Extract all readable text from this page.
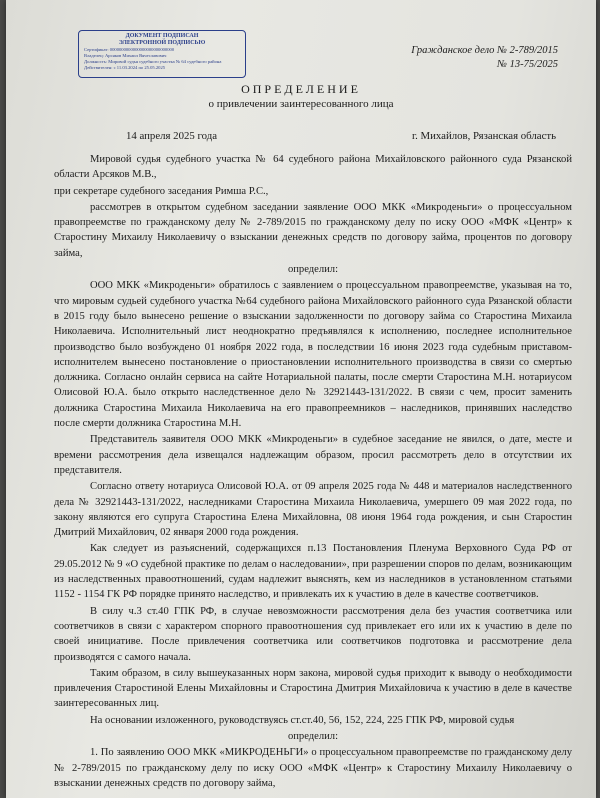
ДОКУМЕНТ ПОДПИСАН
ЭЛЕКТРОННОЙ ПОДПИСЬЮ
Сертификат: 0000000000000000000000000000
Владелец: Арсяков Михаил Вячеславович
Должность: Мировой судья судебного участка № 64 судебного района
Действителен: с 11.03.2024 по 25.05.2025
Гражданское дело № 2-789/2015
№ 13-75/2025
ОПРЕДЕЛЕНИЕ
о привлечении заинтересованного лица
14 апреля 2025 года	г. Михайлов, Рязанская область

Мировой судья судебного участка № 64 судебного района Михайловского районного суда Рязанской области Арсяков М.В.,

при секретаре судебного заседания Римша Р.С.,

рассмотрев в открытом судебном заседании заявление ООО МКК «Микроденьги» о процессуальном правопреемстве по гражданскому делу № 2-789/2015 по гражданскому делу по иску ООО «МФК «Центр» к Старостину Михаилу Николаевичу о взыскании денежных средств по договору займа, процентов по договору займа,

определил:

ООО МКК «Микроденьги» обратилось с заявлением о процессуальном правопреемстве, указывая на то, что мировым судьей судебного участка №64 судебного района Михайловского районного суда Рязанской области в 2015 году было вынесено решение о взыскании задолженности по договору займа со Старостина Михаила Николаевича. Исполнительный лист неоднократно предъявлялся к исполнению, последнее исполнительное производство было возбуждено 01 ноября 2022 года, в последствии 16 июня 2023 года судебным приставом-исполнителем вынесено постановление о приостановлении исполнительного производства в связи со смертью должника. Согласно онлайн сервиса на сайте Нотариальной палаты, после смерти Старостина М.Н. нотариусом Олисовой Ю.А. было открыто наследственное дело № 32921443-131/2022. В связи с чем, просит заменить должника Старостина Михаила Николаевича на его правопреемников – наследников, принявших наследство после смерти должника Старостина М.Н.

Представитель заявителя ООО МКК «Микроденьги» в судебное заседание не явился, о дате, месте и времени рассмотрения дела извещался надлежащим образом, просил рассмотреть дело в отсутствии их представителя.

Согласно ответу нотариуса Олисовой Ю.А. от 09 апреля 2025 года № 448 и материалов наследственного дела № 32921443-131/2022, наследниками Старостина Михаила Николаевича, умершего 09 мая 2022 года, по закону являются его супруга Старостина Елена Михайловна, 08 июня 1964 года рождения, и сын Старостин Дмитрий Михайлович, 02 января 2000 года рождения.

Как следует из разъяснений, содержащихся п.13 Постановления Пленума Верховного Суда РФ от 29.05.2012 № 9 «О судебной практике по делам о наследовании», при разрешении споров по делам, возникающим из наследственных правоотношений, судам надлежит выяснять, кем из наследников в установленном статьями 1152 - 1154 ГК РФ порядке принято наследство, и привлекать их к участию в деле в качестве соответчиков.

В силу ч.3 ст.40 ГПК РФ, в случае невозможности рассмотрения дела без участия соответчика или соответчиков в связи с характером спорного правоотношения суд привлекает его или их к участию в деле по своей инициативе. После привлечения соответчика или соответчиков подготовка и рассмотрение дела производятся с самого начала.

Таким образом, в силу вышеуказанных норм закона, мировой судья приходит к выводу о необходимости привлечения Старостиной Елены Михайловны и Старостина Дмитрия Михайловича к участию в деле в качестве заинтересованных лиц.

На основании изложенного, руководствуясь ст.ст.40, 56, 152, 224, 225 ГПК РФ, мировой судья

определил:

1. По заявлению ООО МКК «МИКРОДЕНЬГИ» о процессуальном правопреемстве по гражданскому делу № 2-789/2015 по гражданскому делу по иску ООО «МФК «Центр» к Старостину Михаилу Николаевичу о взыскании денежных средств по договору займа,
